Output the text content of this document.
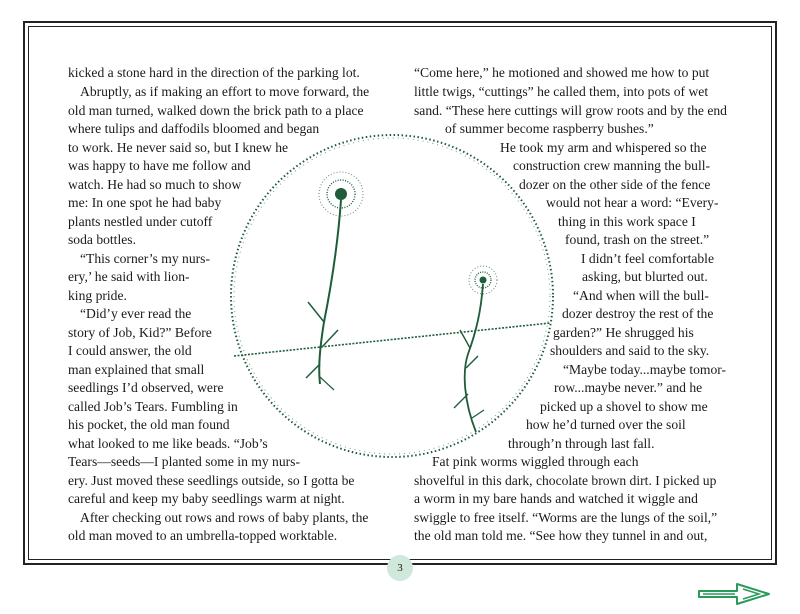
kicked a stone hard in the direction of the parking lot.
Abruptly, as if making an effort to move forward, the
old man turned, walked down the brick path to a place
where tulips and daffodils bloomed and began
to work. He never said so, but I knew he
was happy to have me follow and
watch. He had so much to show
me: In one spot he had baby
plants nestled under cutoff
soda bottles.
“This corner’s my nurs-
ery,’ he said with lion-
king pride.
“Did’y ever read the
story of Job, Kid?” Before
I could answer, the old
man explained that small
seedlings I’d observed, were
called Job’s Tears. Fumbling in
his pocket, the old man found
what looked to me like beads. “Job’s
Tears—seeds—I planted some in my nurs-
ery. Just moved these seedlings outside, so I gotta be
careful and keep my baby seedlings warm at night.
After checking out rows and rows of baby plants, the
old man moved to an umbrella-topped worktable.
“Come here,” he motioned and showed me how to put
little twigs, “cuttings” he called them, into pots of wet
sand. “These here cuttings will grow roots and by the end
of summer become raspberry bushes.”
He took my arm and whispered so the
construction crew manning the bull-
dozer on the other side of the fence
would not hear a word: “Every-
thing in this work space I
found, trash on the street.”
I didn’t feel comfortable
asking, but blurted out.
“And when will the bull-
dozer destroy the rest of the
garden?” He shrugged his
shoulders and said to the sky.
“Maybe today...maybe tomor-
row...maybe never.” and he
picked up a shovel to show me
how he’d turned over the soil
through’n through last fall.
Fat pink worms wiggled through each
shovelful in this dark, chocolate brown dirt. I picked up
a worm in my bare hands and watched it wiggle and
swiggle to free itself. “Worms are the lungs of the soil,”
the old man told me. “See how they tunnel in and out,
3
